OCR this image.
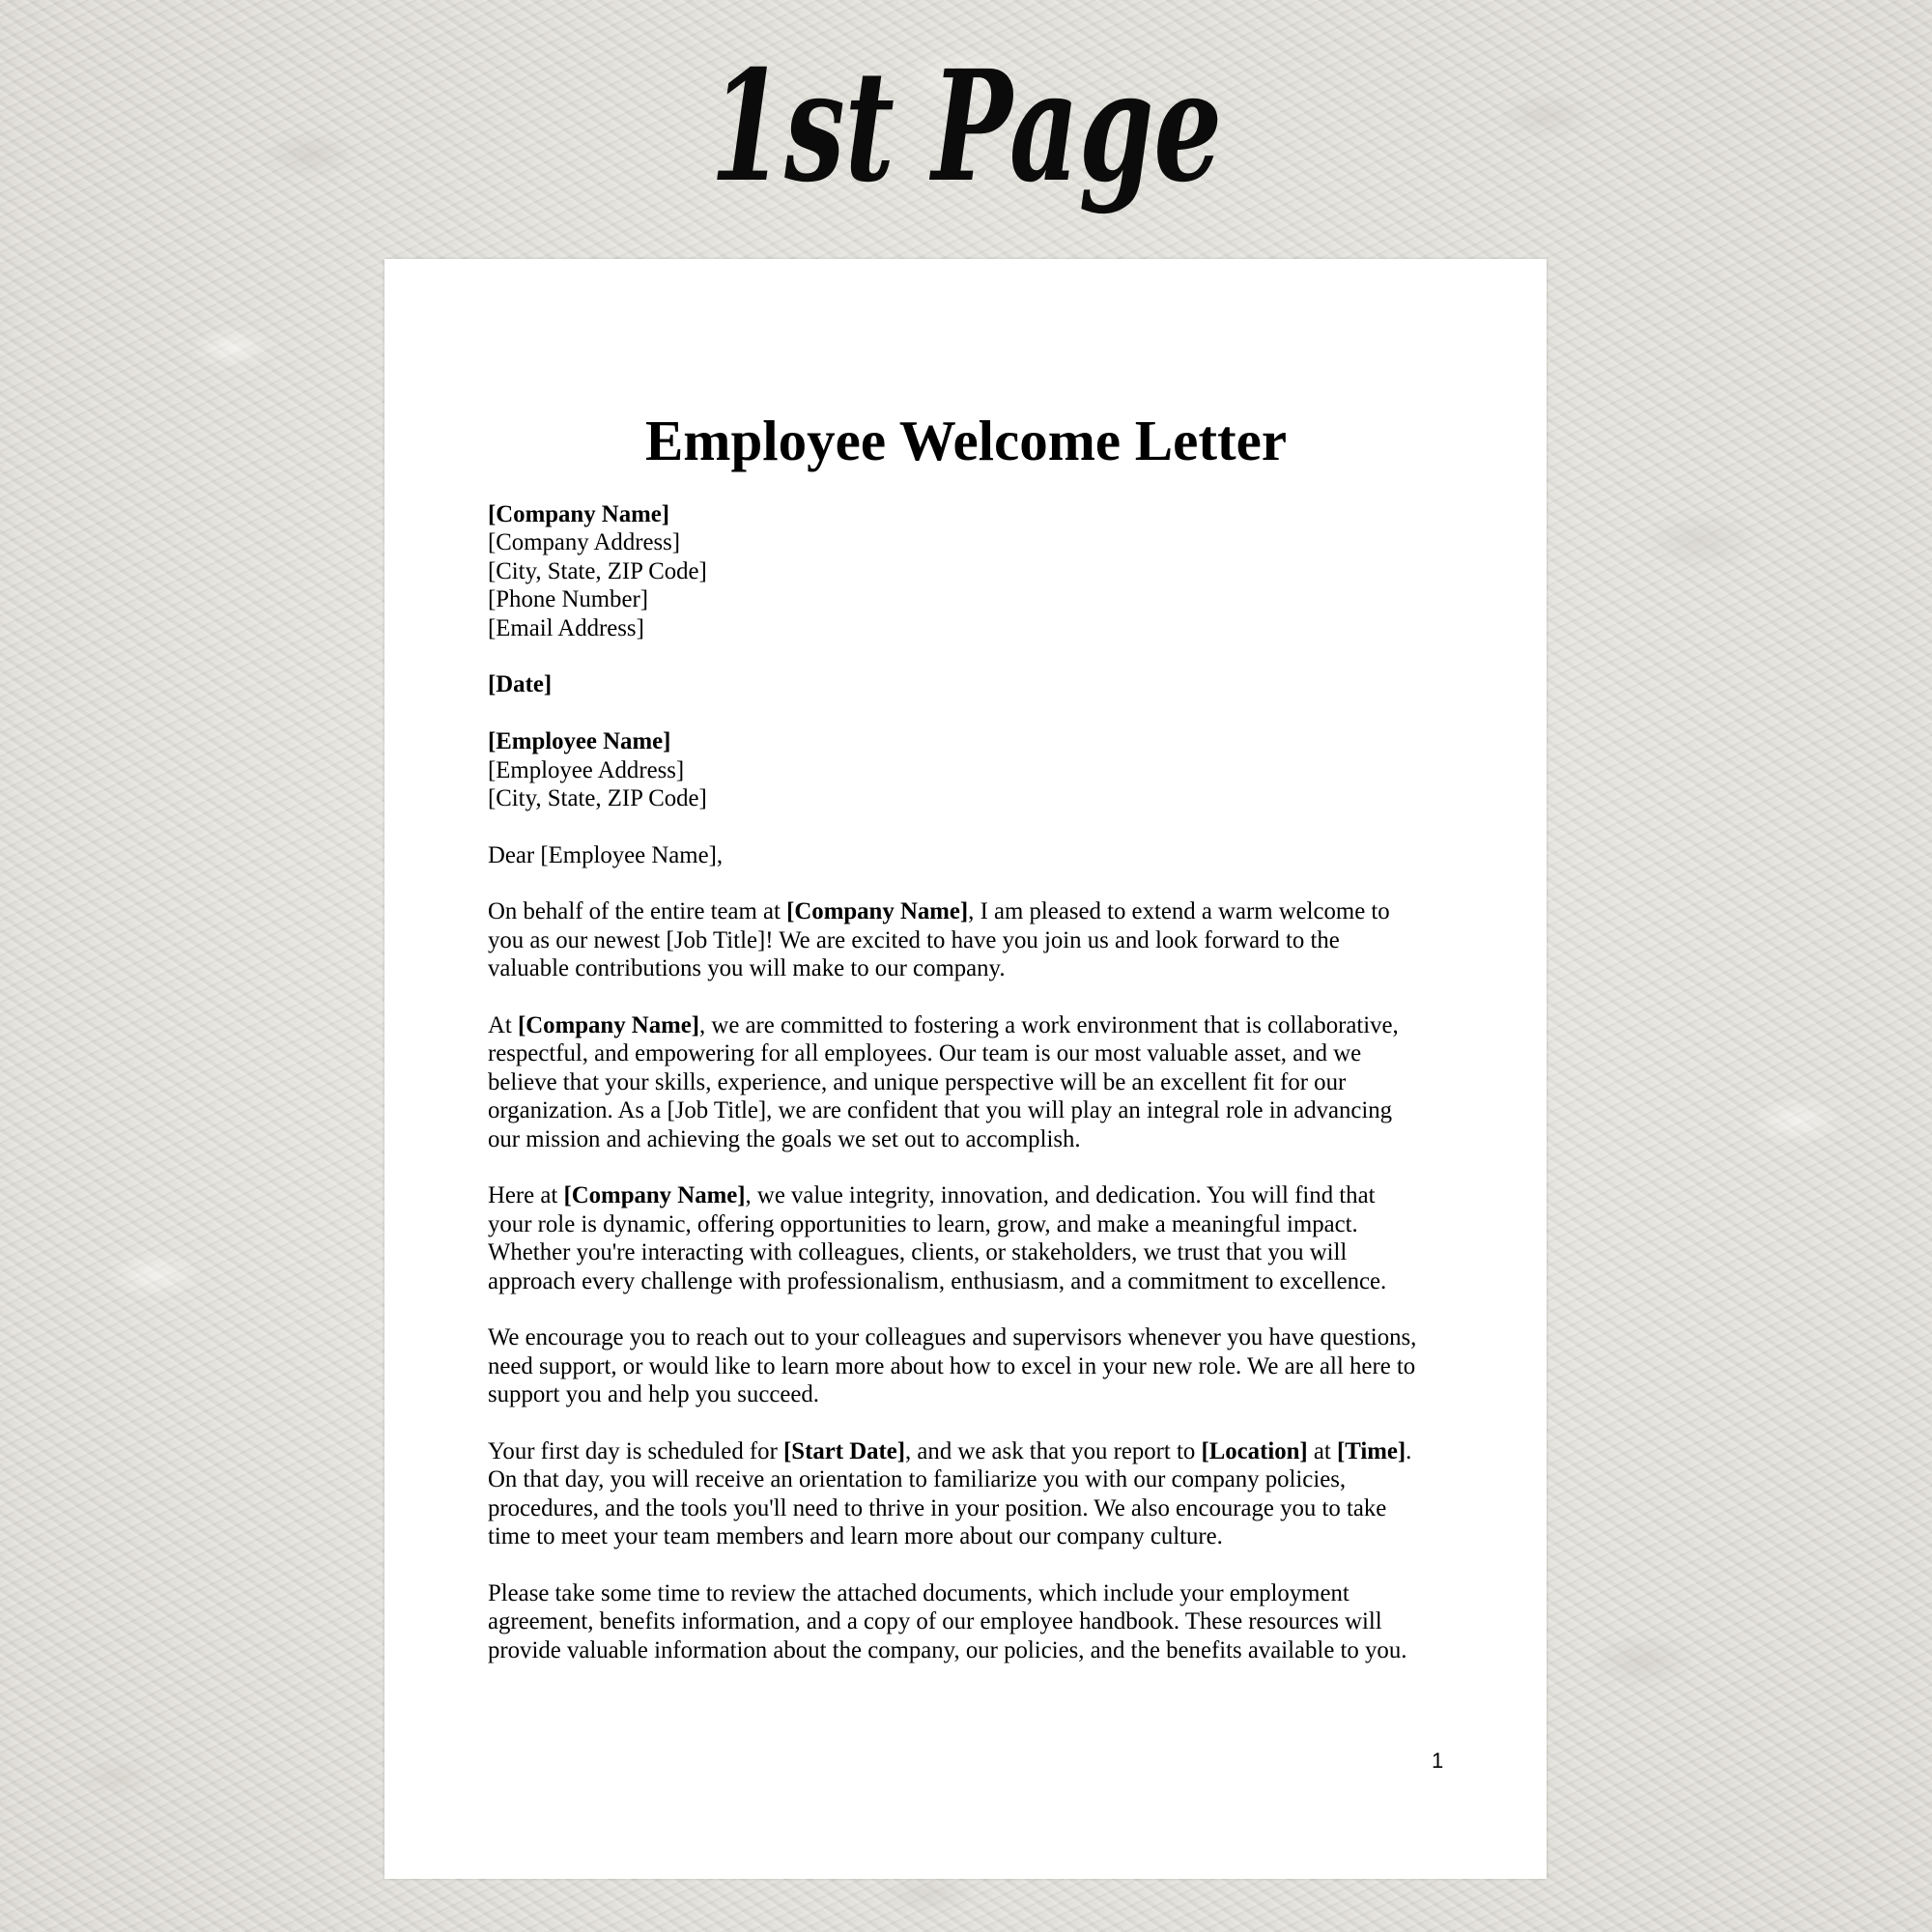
1st Page
Employee Welcome Letter
[Company Name]
[Company Address]
[City, State, ZIP Code]
[Phone Number]
[Email Address]
[Date]
[Employee Name]
[Employee Address]
[City, State, ZIP Code]
Dear [Employee Name],
On behalf of the entire team at [Company Name], I am pleased to extend a warm welcome to
you as our newest [Job Title]! We are excited to have you join us and look forward to the
valuable contributions you will make to our company.
At [Company Name], we are committed to fostering a work environment that is collaborative,
respectful, and empowering for all employees. Our team is our most valuable asset, and we
believe that your skills, experience, and unique perspective will be an excellent fit for our
organization. As a [Job Title], we are confident that you will play an integral role in advancing
our mission and achieving the goals we set out to accomplish.
Here at [Company Name], we value integrity, innovation, and dedication. You will find that
your role is dynamic, offering opportunities to learn, grow, and make a meaningful impact.
Whether you're interacting with colleagues, clients, or stakeholders, we trust that you will
approach every challenge with professionalism, enthusiasm, and a commitment to excellence.
We encourage you to reach out to your colleagues and supervisors whenever you have questions,
need support, or would like to learn more about how to excel in your new role. We are all here to
support you and help you succeed.
Your first day is scheduled for [Start Date], and we ask that you report to [Location] at [Time].
On that day, you will receive an orientation to familiarize you with our company policies,
procedures, and the tools you'll need to thrive in your position. We also encourage you to take
time to meet your team members and learn more about our company culture.
Please take some time to review the attached documents, which include your employment
agreement, benefits information, and a copy of our employee handbook. These resources will
provide valuable information about the company, our policies, and the benefits available to you.
1
